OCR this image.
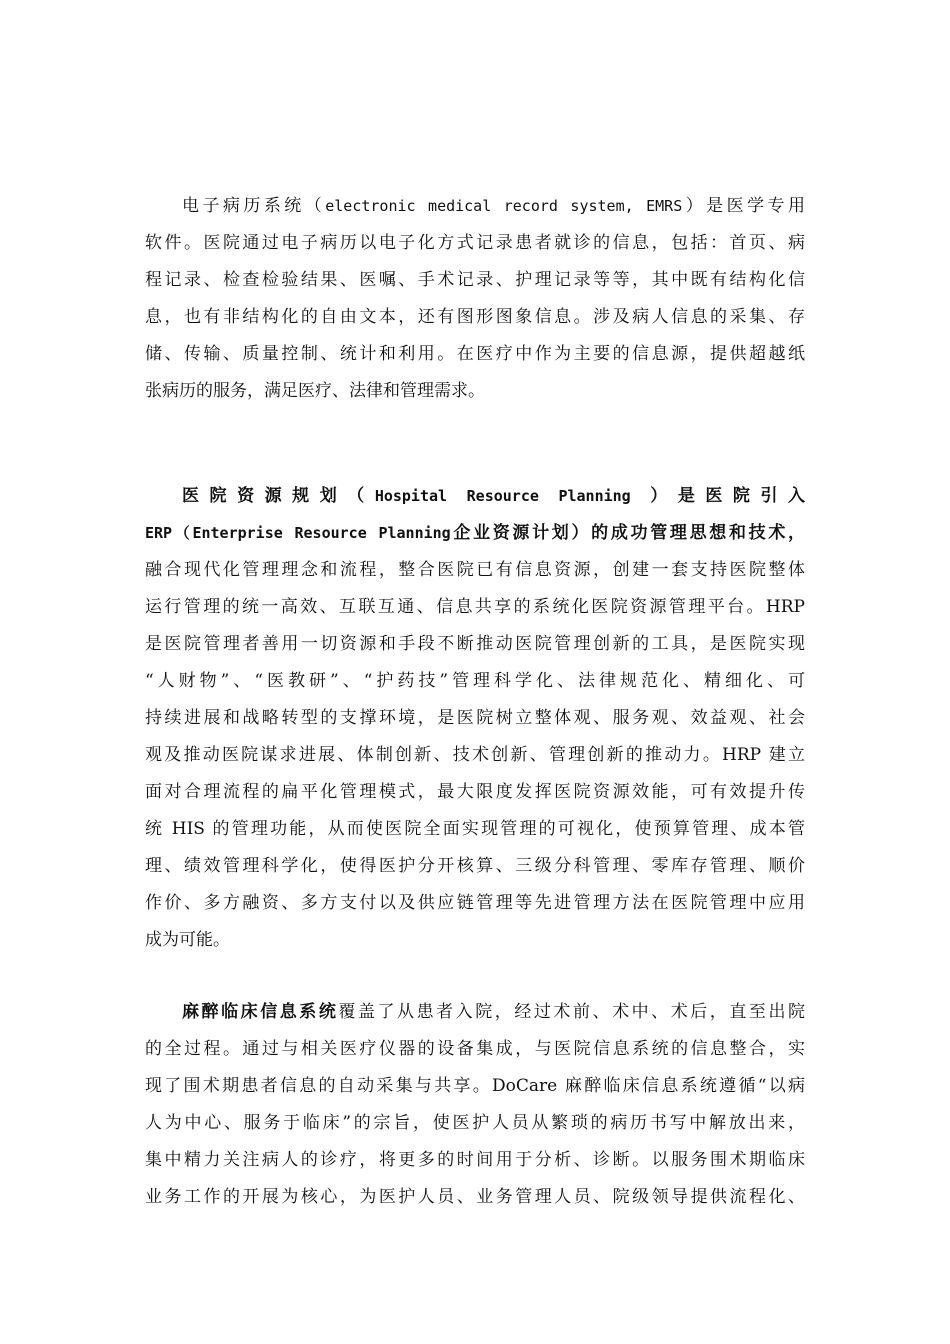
电子病历系统（electronic medical record system, EMRS）是医学专用
软件。医院通过电子病历以电子化方式记录患者就诊的信息，包括：首页、病
程记录、检查检验结果、医嘱、手术记录、护理记录等等，其中既有结构化信
息，也有非结构化的自由文本，还有图形图象信息。涉及病人信息的采集、存
储、传输、质量控制、统计和利用。在医疗中作为主要的信息源，提供超越纸
张病历的服务，满足医疗、法律和管理需求。
医院资源规划（Hospital Resource Planning ）是医院引入
ERP（Enterprise Resource Planning企业资源计划）的成功管理思想和技术，
融合现代化管理理念和流程，整合医院已有信息资源，创建一套支持医院整体
运行管理的统一高效、互联互通、信息共享的系统化医院资源管理平台。HRP
是医院管理者善用一切资源和手段不断推动医院管理创新的工具，是医院实现
“人财物”、“医教研”、“护药技”管理科学化、法律规范化、精细化、可
持续进展和战略转型的支撑环境，是医院树立整体观、服务观、效益观、社会
观及推动医院谋求进展、体制创新、技术创新、管理创新的推动力。HRP 建立
面对合理流程的扁平化管理模式，最大限度发挥医院资源效能，可有效提升传
统 HIS 的管理功能，从而使医院全面实现管理的可视化，使预算管理、成本管
理、绩效管理科学化，使得医护分开核算、三级分科管理、零库存管理、顺价
作价、多方融资、多方支付以及供应链管理等先进管理方法在医院管理中应用
成为可能。
麻醉临床信息系统覆盖了从患者入院，经过术前、术中、术后，直至出院
的全过程。通过与相关医疗仪器的设备集成，与医院信息系统的信息整合，实
现了围术期患者信息的自动采集与共享。DoCare 麻醉临床信息系统遵循“以病
人为中心、服务于临床”的宗旨，使医护人员从繁琐的病历书写中解放出来，
集中精力关注病人的诊疗，将更多的时间用于分析、诊断。以服务围术期临床
业务工作的开展为核心，为医护人员、业务管理人员、院级领导提供流程化、
